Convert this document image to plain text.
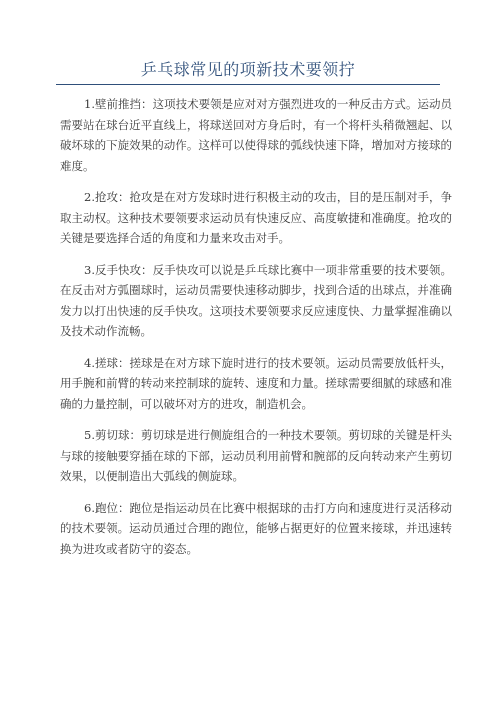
乒乓球常见的项新技术要领拧

1.壁前推挡：这项技术要领是应对对方强烈进攻的一种反击方式。运动员需要站在球台近平直线上，将球送回对方身后时，有一个将杆头稍微翘起、以破坏球的下旋效果的动作。这样可以使得球的弧线快速下降，增加对方接球的难度。

2.抢攻：抢攻是在对方发球时进行积极主动的攻击，目的是压制对手，争取主动权。这种技术要领要求运动员有快速反应、高度敏捷和准确度。抢攻的关键是要选择合适的角度和力量来攻击对手。

3.反手快攻：反手快攻可以说是乒乓球比赛中一项非常重要的技术要领。在反击对方弧圈球时，运动员需要快速移动脚步，找到合适的出球点，并准确发力以打出快速的反手快攻。这项技术要领要求反应速度快、力量掌握准确以及技术动作流畅。

4.搓球：搓球是在对方球下旋时进行的技术要领。运动员需要放低杆头，用手腕和前臂的转动来控制球的旋转、速度和力量。搓球需要细腻的球感和准确的力量控制，可以破坏对方的进攻，制造机会。

5.剪切球：剪切球是进行侧旋组合的一种技术要领。剪切球的关键是杆头与球的接触要穿插在球的下部，运动员利用前臂和腕部的反向转动来产生剪切效果，以便制造出大弧线的侧旋球。

6.跑位：跑位是指运动员在比赛中根据球的击打方向和速度进行灵活移动的技术要领。运动员通过合理的跑位，能够占据更好的位置来接球，并迅速转换为进攻或者防守的姿态。
